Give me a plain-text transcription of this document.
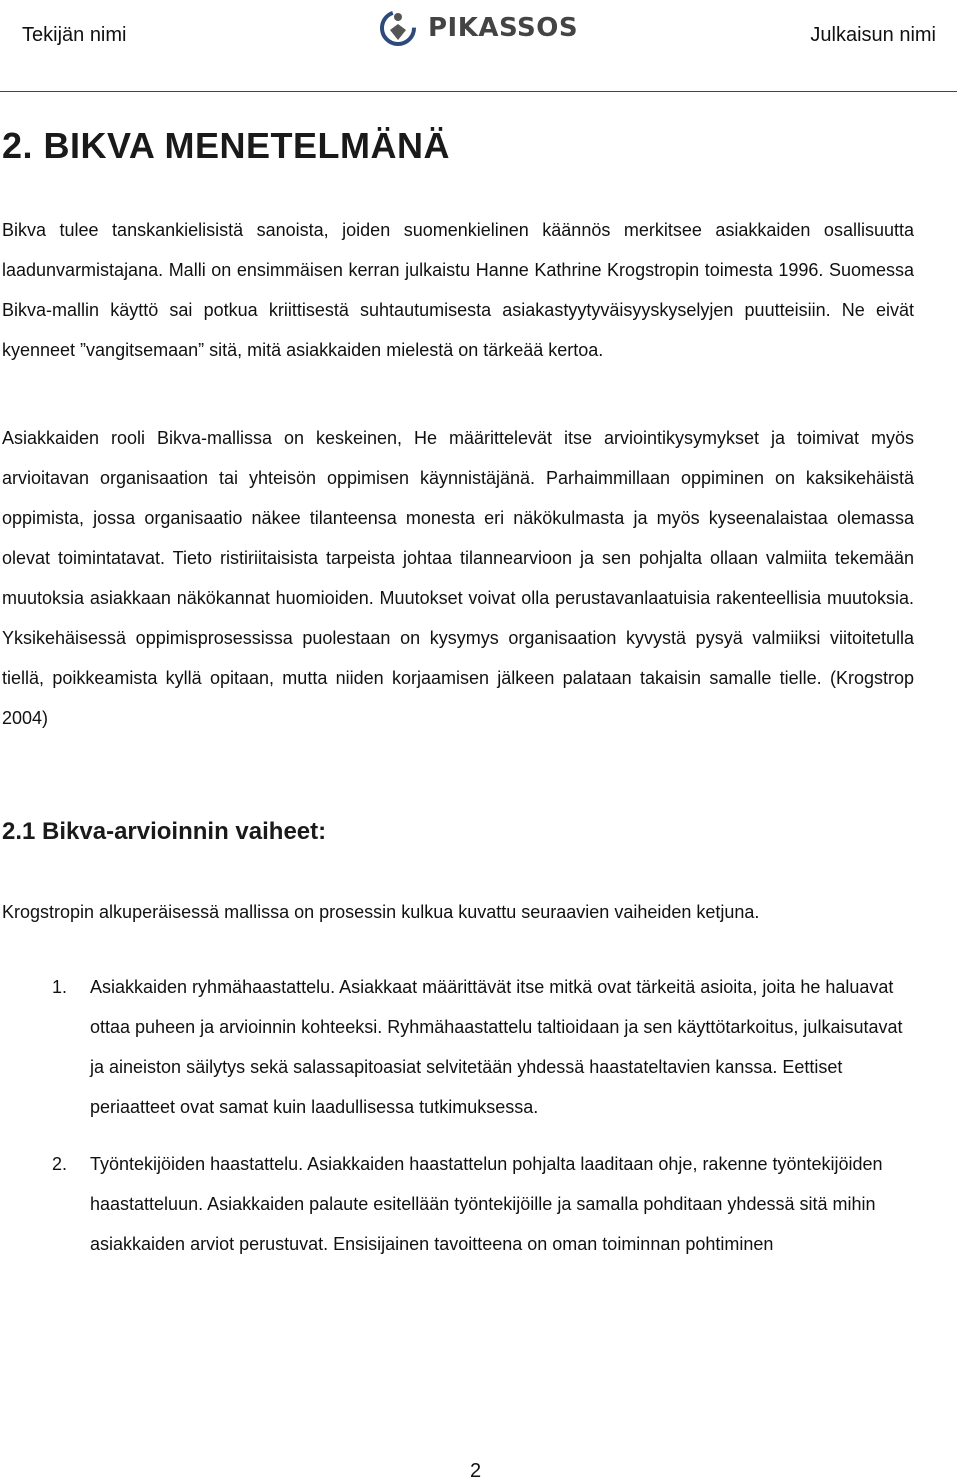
Tekijän nimi	PIKASSOS	Julkaisun nimi
2. BIKVA MENETELMÄNÄ

Bikva tulee tanskankielisistä sanoista, joiden suomenkielinen käännös merkitsee asiakkaiden osallisuutta laadunvarmistajana. Malli on ensimmäisen kerran julkaistu Hanne Kathrine Krogstropin toimesta 1996. Suomessa Bikva-mallin käyttö sai potkua kriittisestä suhtautumisesta asiakastyytyväisyyskyselyjen puutteisiin. Ne eivät kyenneet ”vangitsemaan” sitä, mitä asiakkaiden mielestä on tärkeää kertoa.

Asiakkaiden rooli Bikva-mallissa on keskeinen, He määrittelevät itse arviointikysymykset ja toimivat myös arvioitavan organisaation tai yhteisön oppimisen käynnistäjänä. Parhaimmillaan oppiminen on kaksikehäistä oppimista, jossa organisaatio näkee tilanteensa monesta eri näkökulmasta ja myös kyseenalaistaa olemassa olevat toimintatavat. Tieto ristiriitaisista tarpeista johtaa tilannearvioon ja sen pohjalta ollaan valmiita tekemään muutoksia asiakkaan näkökannat huomioiden. Muutokset voivat olla perustavanlaatuisia rakenteellisia muutoksia. Yksikehäisessä oppimisprosessissa puolestaan on kysymys organisaation kyvystä pysyä valmiiksi viitoitetulla tiellä, poikkeamista kyllä opitaan, mutta niiden korjaamisen jälkeen palataan takaisin samalle tielle. (Krogstrop 2004)

2.1 Bikva-arvioinnin vaiheet:

Krogstropin alkuperäisessä mallissa on prosessin kulkua kuvattu seuraavien vaiheiden ketjuna.

1. Asiakkaiden ryhmähaastattelu. Asiakkaat määrittävät itse mitkä ovat tärkeitä asioita, joita he haluavat ottaa puheen ja arvioinnin kohteeksi. Ryhmähaastattelu taltioidaan ja sen käyttötarkoitus, julkaisutavat ja aineiston säilytys sekä salassapitoasiat selvitetään yhdessä haastateltavien kanssa. Eettiset periaatteet ovat samat kuin laadullisessa tutkimuksessa.

2. Työntekijöiden haastattelu. Asiakkaiden haastattelun pohjalta laaditaan ohje, rakenne työntekijöiden haastatteluun. Asiakkaiden palaute esitellään työntekijöille ja samalla pohditaan yhdessä sitä mihin asiakkaiden arviot perustuvat. Ensisijainen tavoitteena on oman toiminnan pohtiminen

2
